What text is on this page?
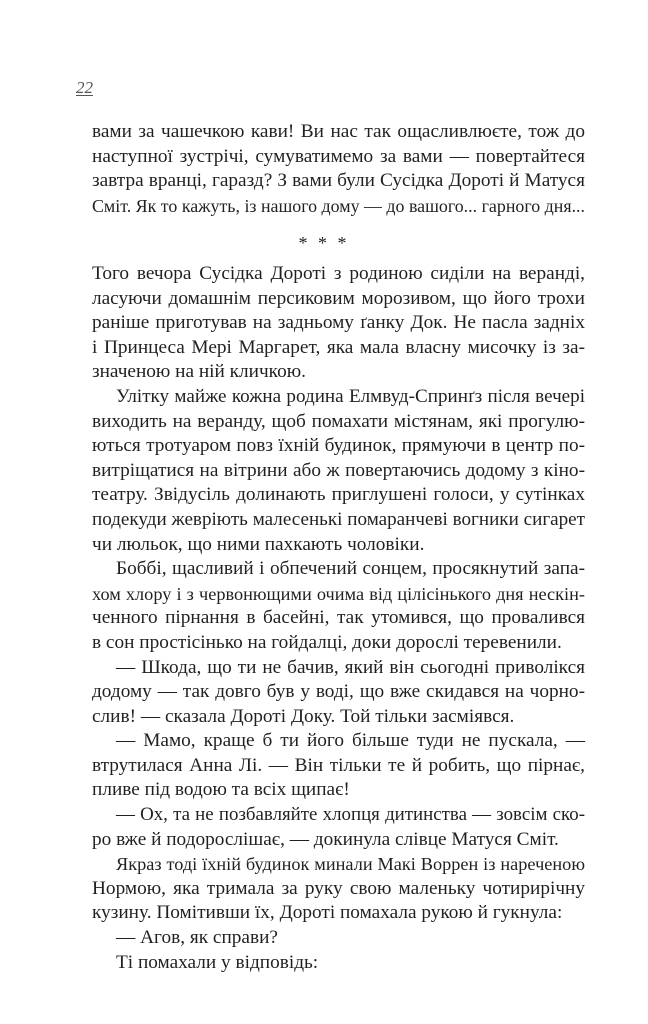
22
вами за чашечкою кави! Ви нас так ощасливлюєте, тож до
наступної зустрічі, сумуватимемо за вами — повертайтеся
завтра вранці, гаразд? З вами були Сусідка Дороті й Матуся
Сміт. Як то кажуть, із нашого дому — до вашого... гарного дня...
* * *
Того вечора Сусідка Дороті з родиною сиділи на веранді,
ласуючи домашнім персиковим морозивом, що його трохи
раніше приготував на задньому ґанку Док. Не пасла задніх
і Принцеса Мері Маргарет, яка мала власну мисочку із за-
значеною на ній кличкою.
Улітку майже кожна родина Елмвуд-Спринґз після вечері
виходить на веранду, щоб помахати містянам, які прогулю-
ються тротуаром повз їхній будинок, прямуючи в центр по-
витріщатися на вітрини або ж повертаючись додому з кіно-
театру. Звідусіль долинають приглушені голоси, у сутінках
подекуди жевріють малесенькі помаранчеві вогники сигарет
чи люльок, що ними пахкають чоловіки.
Боббі, щасливий і обпечений сонцем, просякнутий запа-
хом хлору і з червонющими очима від цілісінького дня нескін-
ченного пірнання в басейні, так утомився, що провалився
в сон простісінько на гойдалці, доки дорослі теревенили.
— Шкода, що ти не бачив, який він сьогодні приволікся
додому — так довго був у воді, що вже скидався на чорно-
слив! — сказала Дороті Доку. Той тільки засміявся.
— Мамо, краще б ти його більше туди не пускала, —
втрутилася Анна Лі. — Він тільки те й робить, що пірнає,
пливе під водою та всіх щипає!
— Ох, та не позбавляйте хлопця дитинства — зовсім ско-
ро вже й подорослішає, — докинула слівце Матуся Сміт.
Якраз тоді їхній будинок минали Макі Воррен із нареченою
Нормою, яка тримала за руку свою маленьку чотирирічну
кузину. Помітивши їх, Дороті помахала рукою й гукнула:
— Агов, як справи?
Ті помахали у відповідь:
